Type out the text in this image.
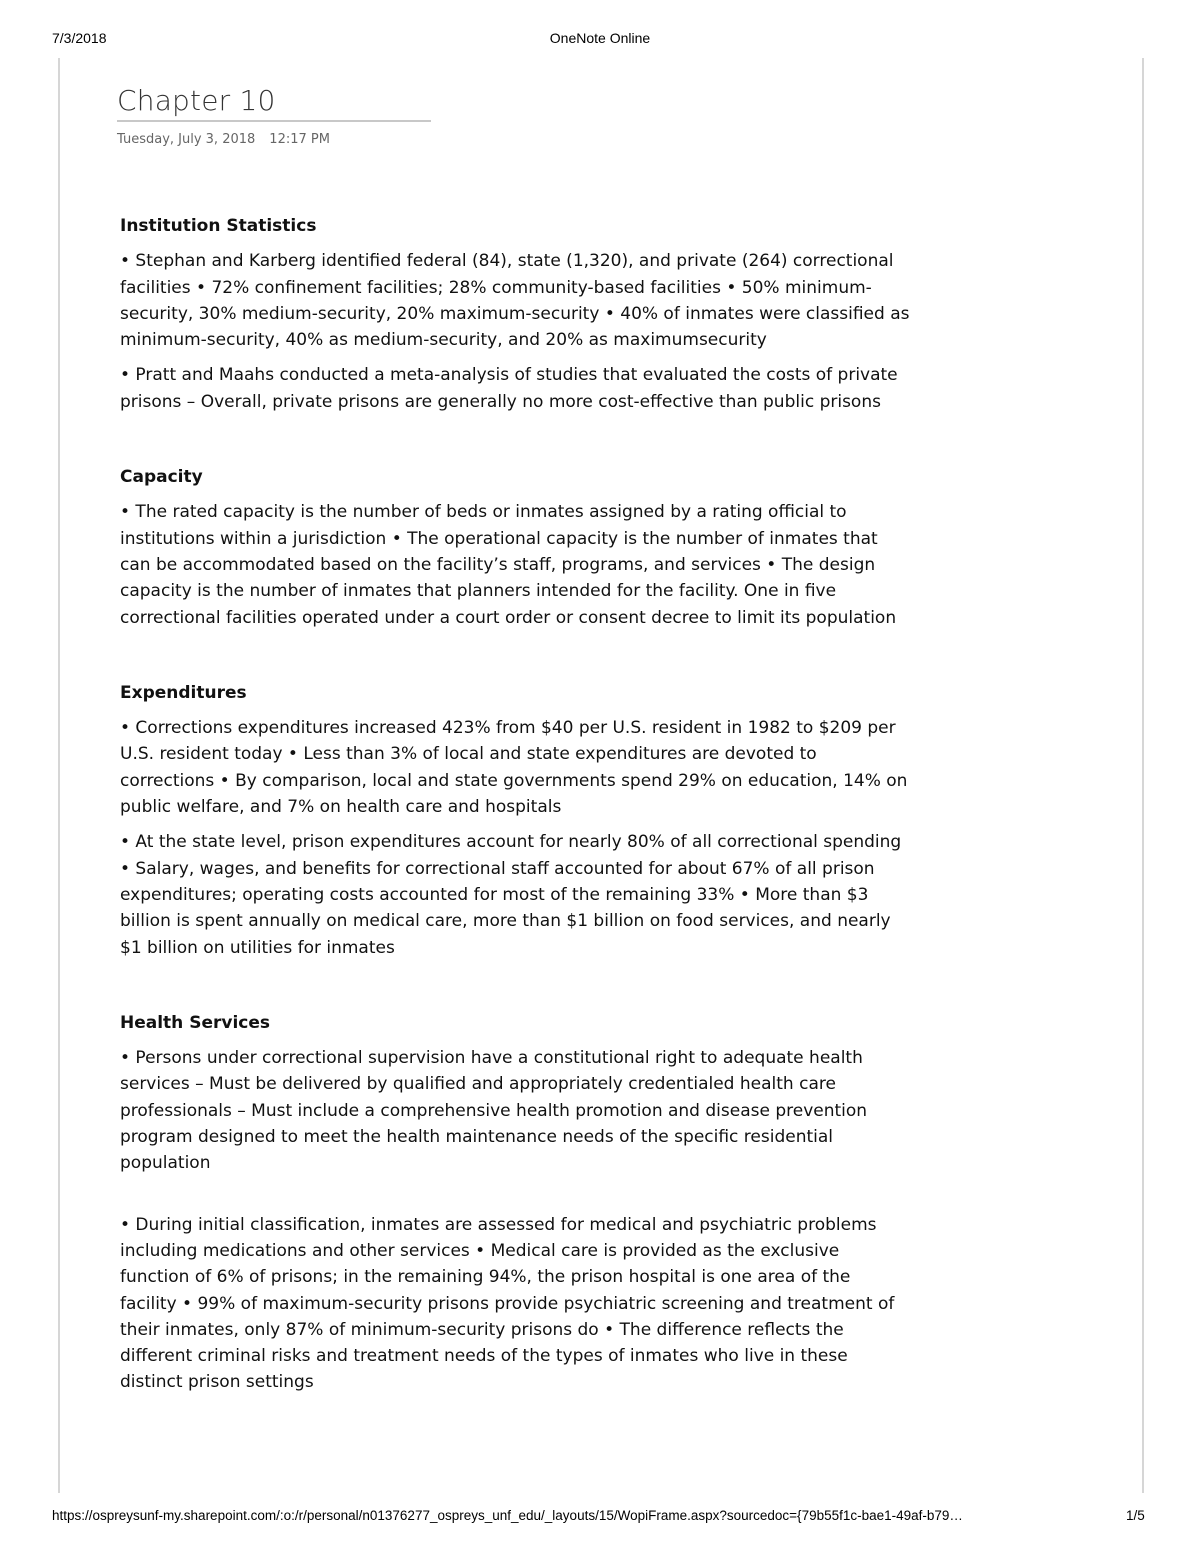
7/3/2018	OneNote Online
Chapter 10
Tuesday, July 3, 2018 12:17 PM
Institution Statistics
• Stephan and Karberg identified federal (84), state (1,320), and private (264) correctional facilities • 72% confinement facilities; 28% community-based facilities • 50% minimum-security, 30% medium-security, 20% maximum-security • 40% of inmates were classified as minimum-security, 40% as medium-security, and 20% as maximumsecurity
• Pratt and Maahs conducted a meta-analysis of studies that evaluated the costs of private prisons – Overall, private prisons are generally no more cost-effective than public prisons
Capacity
• The rated capacity is the number of beds or inmates assigned by a rating official to institutions within a jurisdiction • The operational capacity is the number of inmates that can be accommodated based on the facility’s staff, programs, and services • The design capacity is the number of inmates that planners intended for the facility. One in five correctional facilities operated under a court order or consent decree to limit its population
Expenditures
• Corrections expenditures increased 423% from $40 per U.S. resident in 1982 to $209 per U.S. resident today • Less than 3% of local and state expenditures are devoted to corrections • By comparison, local and state governments spend 29% on education, 14% on public welfare, and 7% on health care and hospitals
• At the state level, prison expenditures account for nearly 80% of all correctional spending • Salary, wages, and benefits for correctional staff accounted for about 67% of all prison expenditures; operating costs accounted for most of the remaining 33% • More than $3 billion is spent annually on medical care, more than $1 billion on food services, and nearly $1 billion on utilities for inmates
Health Services
• Persons under correctional supervision have a constitutional right to adequate health services – Must be delivered by qualified and appropriately credentialed health care professionals – Must include a comprehensive health promotion and disease prevention program designed to meet the health maintenance needs of the specific residential population
• During initial classification, inmates are assessed for medical and psychiatric problems including medications and other services • Medical care is provided as the exclusive function of 6% of prisons; in the remaining 94%, the prison hospital is one area of the facility • 99% of maximum-security prisons provide psychiatric screening and treatment of their inmates, only 87% of minimum-security prisons do • The difference reflects the different criminal risks and treatment needs of the types of inmates who live in these distinct prison settings
https://ospreysunf-my.sharepoint.com/:o:/r/personal/n01376277_ospreys_unf_edu/_layouts/15/WopiFrame.aspx?sourcedoc={79b55f1c-bae1-49af-b79…	1/5
